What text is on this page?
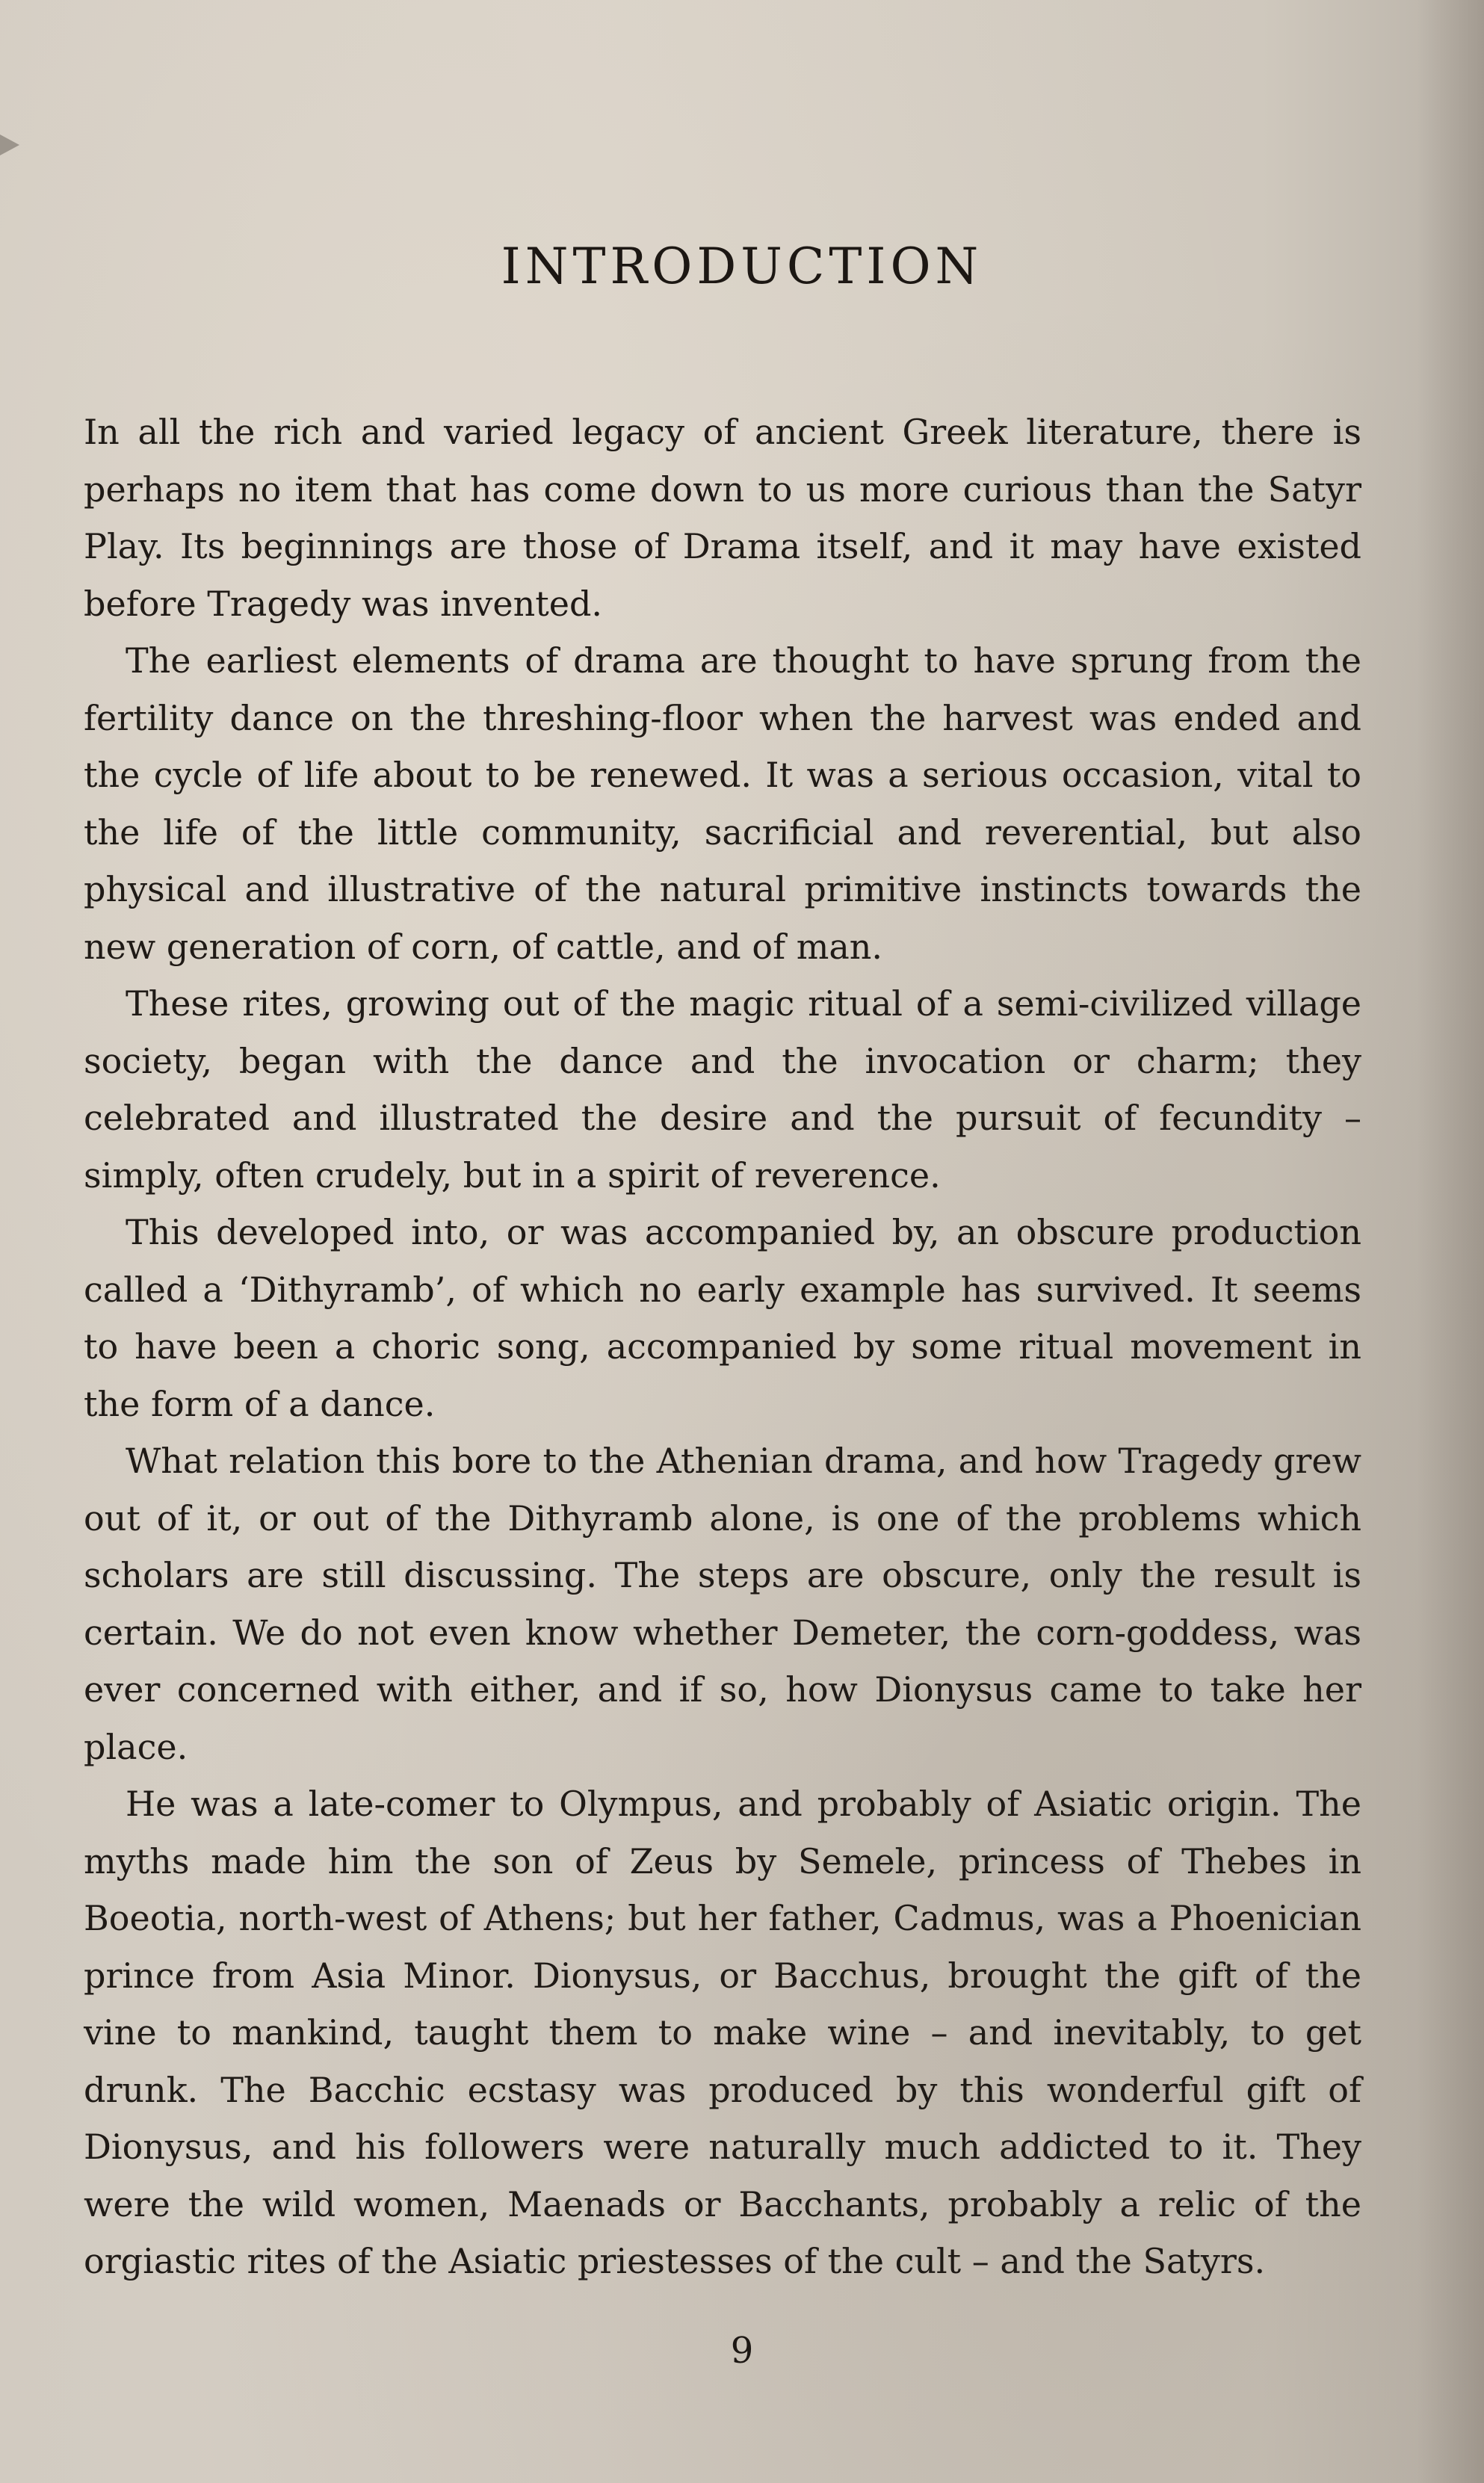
INTRODUCTION

In all the rich and varied legacy of ancient Greek literature, there is perhaps no item that has come down to us more curious than the Satyr Play. Its beginnings are those of Drama itself, and it may have existed before Tragedy was invented.

The earliest elements of drama are thought to have sprung from the fertility dance on the threshing-floor when the harvest was ended and the cycle of life about to be renewed. It was a serious occasion, vital to the life of the little community, sacrificial and reverential, but also physical and illustrative of the natural primitive instincts towards the new generation of corn, of cattle, and of man.

These rites, growing out of the magic ritual of a semi-civilized village society, began with the dance and the invocation or charm; they celebrated and illustrated the desire and the pursuit of fecundity – simply, often crudely, but in a spirit of reverence.

This developed into, or was accompanied by, an obscure production called a ‘Dithyramb’, of which no early example has survived. It seems to have been a choric song, accompanied by some ritual movement in the form of a dance.

What relation this bore to the Athenian drama, and how Tragedy grew out of it, or out of the Dithyramb alone, is one of the problems which scholars are still discussing. The steps are obscure, only the result is certain. We do not even know whether Demeter, the corn-goddess, was ever concerned with either, and if so, how Dionysus came to take her place.

He was a late-comer to Olympus, and probably of Asiatic origin. The myths made him the son of Zeus by Semele, princess of Thebes in Boeotia, north-west of Athens; but her father, Cadmus, was a Phoenician prince from Asia Minor. Dionysus, or Bacchus, brought the gift of the vine to mankind, taught them to make wine – and inevitably, to get drunk. The Bacchic ecstasy was produced by this wonderful gift of Dionysus, and his followers were naturally much addicted to it. They were the wild women, Maenads or Bacchants, probably a relic of the orgiastic rites of the Asiatic priestesses of the cult – and the Satyrs.

9
